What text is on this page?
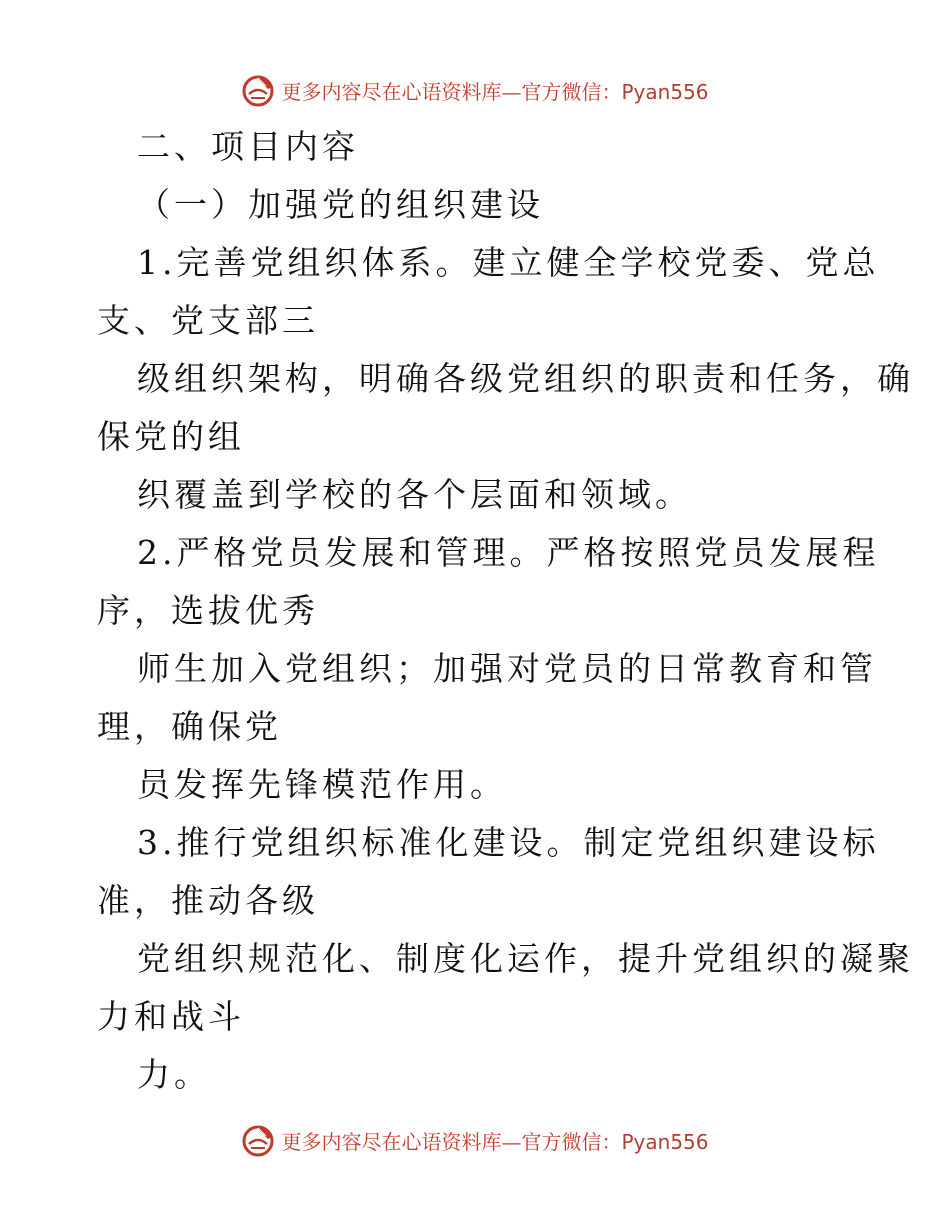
更多内容尽在心语资料库—官方微信：Pyan556
二、项目内容
（一）加强党的组织建设
1.完善党组织体系。建立健全学校党委、党总
支、党支部三
级组织架构，明确各级党组织的职责和任务，确
保党的组
织覆盖到学校的各个层面和领域。
2.严格党员发展和管理。严格按照党员发展程
序，选拔优秀
师生加入党组织；加强对党员的日常教育和管
理，确保党
员发挥先锋模范作用。
3.推行党组织标准化建设。制定党组织建设标
准，推动各级
党组织规范化、制度化运作，提升党组织的凝聚
力和战斗
力。
更多内容尽在心语资料库—官方微信：Pyan556
